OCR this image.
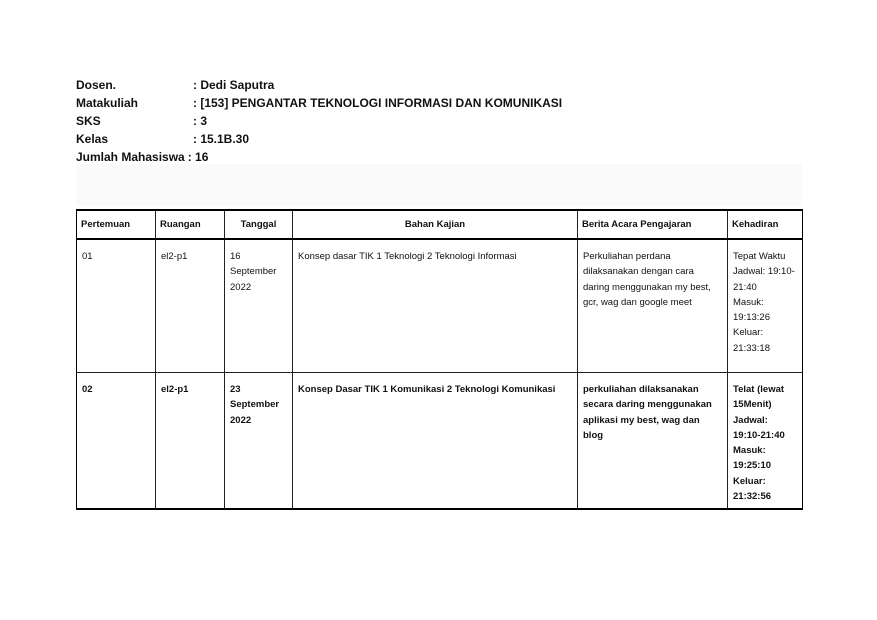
Dosen.	: Dedi Saputra
Matakuliah	: [153] PENGANTAR TEKNOLOGI INFORMASI DAN KOMUNIKASI
SKS	: 3
Kelas	: 15.1B.30
Jumlah Mahasiswa : 16
Pertemuan	Ruangan	Tanggal	Bahan Kajian	Berita Acara Pengajaran	Kehadiran
01	el2-p1	16 September 2022	Konsep dasar TIK 1 Teknologi 2 Teknologi Informasi	Perkuliahan perdana dilaksanakan dengan cara daring menggunakan my best, gcr, wag dan google meet	Tepat Waktu
Jadwal: 19:10-21:40
Masuk: 19:13:26
Keluar: 21:33:18

02	el2-p1	23 September 2022	Konsep Dasar TIK 1 Komunikasi 2 Teknologi Komunikasi	perkuliahan dilaksanakan secara daring menggunakan aplikasi my best, wag dan blog	Telat (lewat 15Menit)
Jadwal: 19:10-21:40
Masuk: 19:25:10
Keluar: 21:32:56
